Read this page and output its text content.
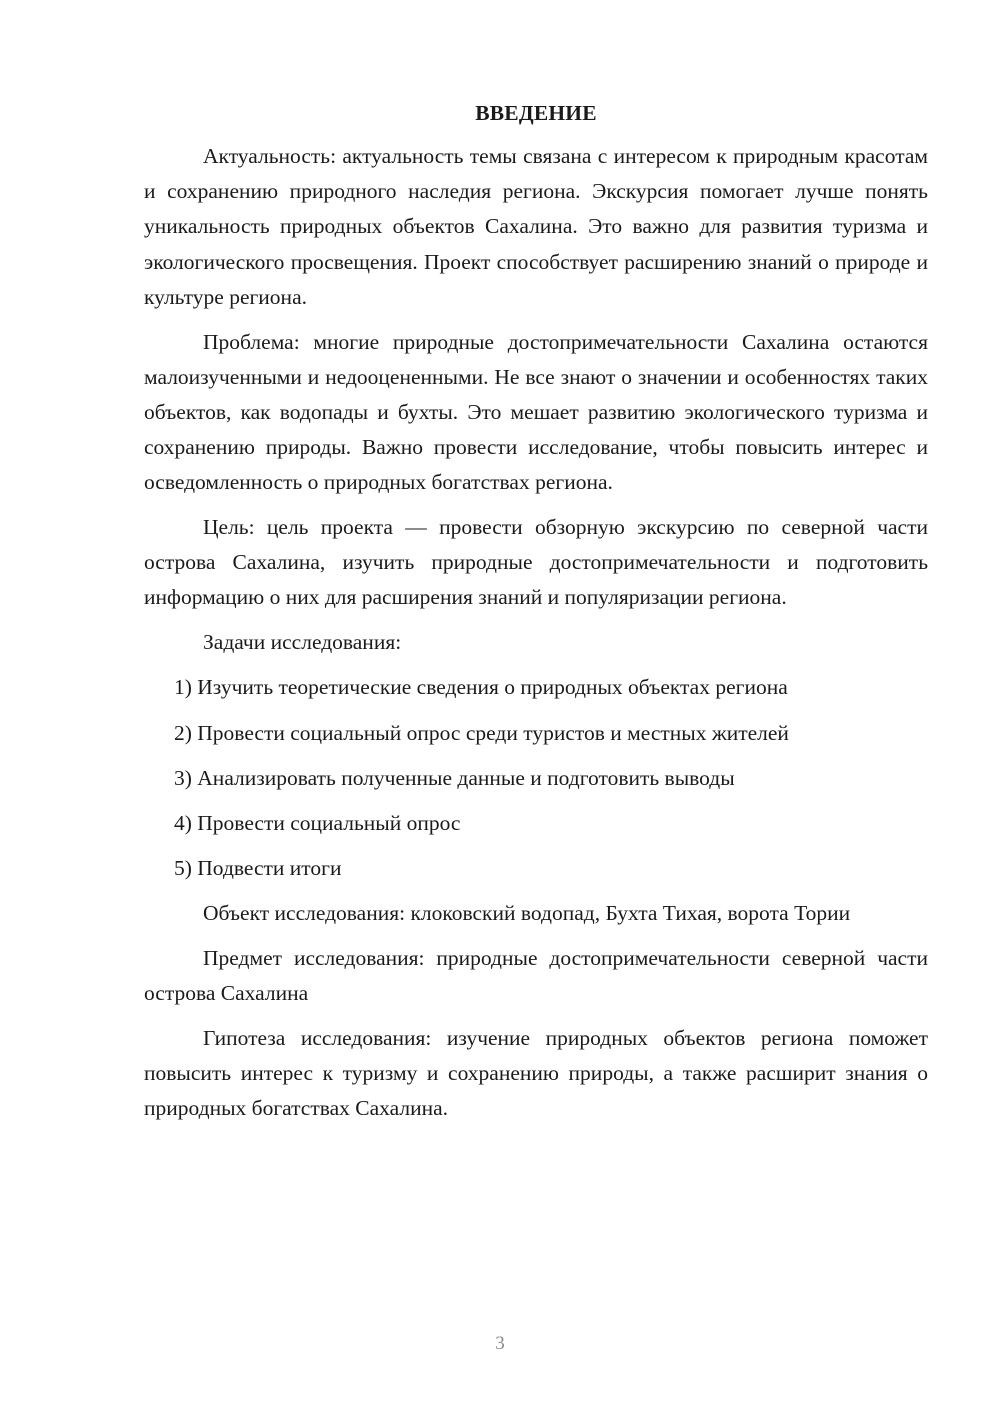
ВВЕДЕНИЕ

Актуальность: актуальность темы связана с интересом к природным красотам и сохранению природного наследия региона. Экскурсия помогает лучше понять уникальность природных объектов Сахалина. Это важно для развития туризма и экологического просвещения. Проект способствует расширению знаний о природе и культуре региона.

Проблема: многие природные достопримечательности Сахалина остаются малоизученными и недооцененными. Не все знают о значении и особенностях таких объектов, как водопады и бухты. Это мешает развитию экологического туризма и сохранению природы. Важно провести исследование, чтобы повысить интерес и осведомленность о природных богатствах региона.

Цель: цель проекта — провести обзорную экскурсию по северной части острова Сахалина, изучить природные достопримечательности и подготовить информацию о них для расширения знаний и популяризации региона.

Задачи исследования:

1) Изучить теоретические сведения о природных объектах региона
2) Провести социальный опрос среди туристов и местных жителей
3) Анализировать полученные данные и подготовить выводы
4) Провести социальный опрос
5) Подвести итоги

Объект исследования: клоковский водопад, Бухта Тихая, ворота Тории

Предмет исследования: природные достопримечательности северной части острова Сахалина

Гипотеза исследования: изучение природных объектов региона поможет повысить интерес к туризму и сохранению природы, а также расширит знания о природных богатствах Сахалина.

3
